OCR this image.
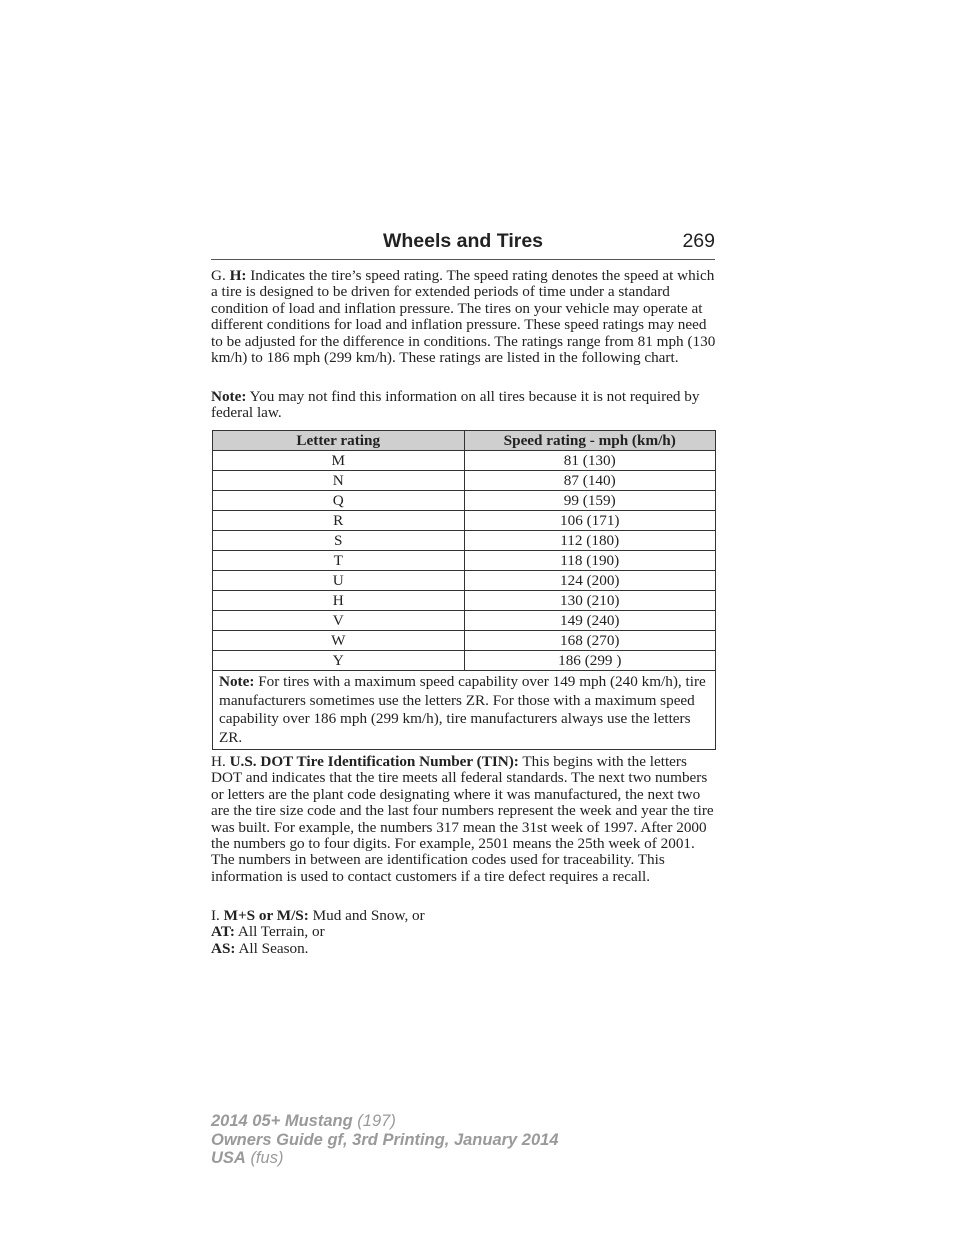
Wheels and Tires	269

G. H: Indicates the tire’s speed rating. The speed rating denotes the speed at which a tire is designed to be driven for extended periods of time under a standard condition of load and inflation pressure. The tires on your vehicle may operate at different conditions for load and inflation pressure. These speed ratings may need to be adjusted for the difference in conditions. The ratings range from 81 mph (130 km/h) to 186 mph (299 km/h). These ratings are listed in the following chart.

Note: You may not find this information on all tires because it is not required by federal law.

Letter rating	Speed rating - mph (km/h)
M	81 (130)
N	87 (140)
Q	99 (159)
R	106 (171)
S	112 (180)
T	118 (190)
U	124 (200)
H	130 (210)
V	149 (240)
W	168 (270)
Y	186 (299 )
Note: For tires with a maximum speed capability over 149 mph (240 km/h), tire manufacturers sometimes use the letters ZR. For those with a maximum speed capability over 186 mph (299 km/h), tire manufacturers always use the letters ZR.	

H. U.S. DOT Tire Identification Number (TIN): This begins with the letters DOT and indicates that the tire meets all federal standards. The next two numbers or letters are the plant code designating where it was manufactured, the next two are the tire size code and the last four numbers represent the week and year the tire was built. For example, the numbers 317 mean the 31st week of 1997. After 2000 the numbers go to four digits. For example, 2501 means the 25th week of 2001. The numbers in between are identification codes used for traceability. This information is used to contact customers if a tire defect requires a recall.

I. M+S or M/S: Mud and Snow, or
AT: All Terrain, or
AS: All Season.

2014 05+ Mustang (197)
Owners Guide gf, 3rd Printing, January 2014
USA (fus)
